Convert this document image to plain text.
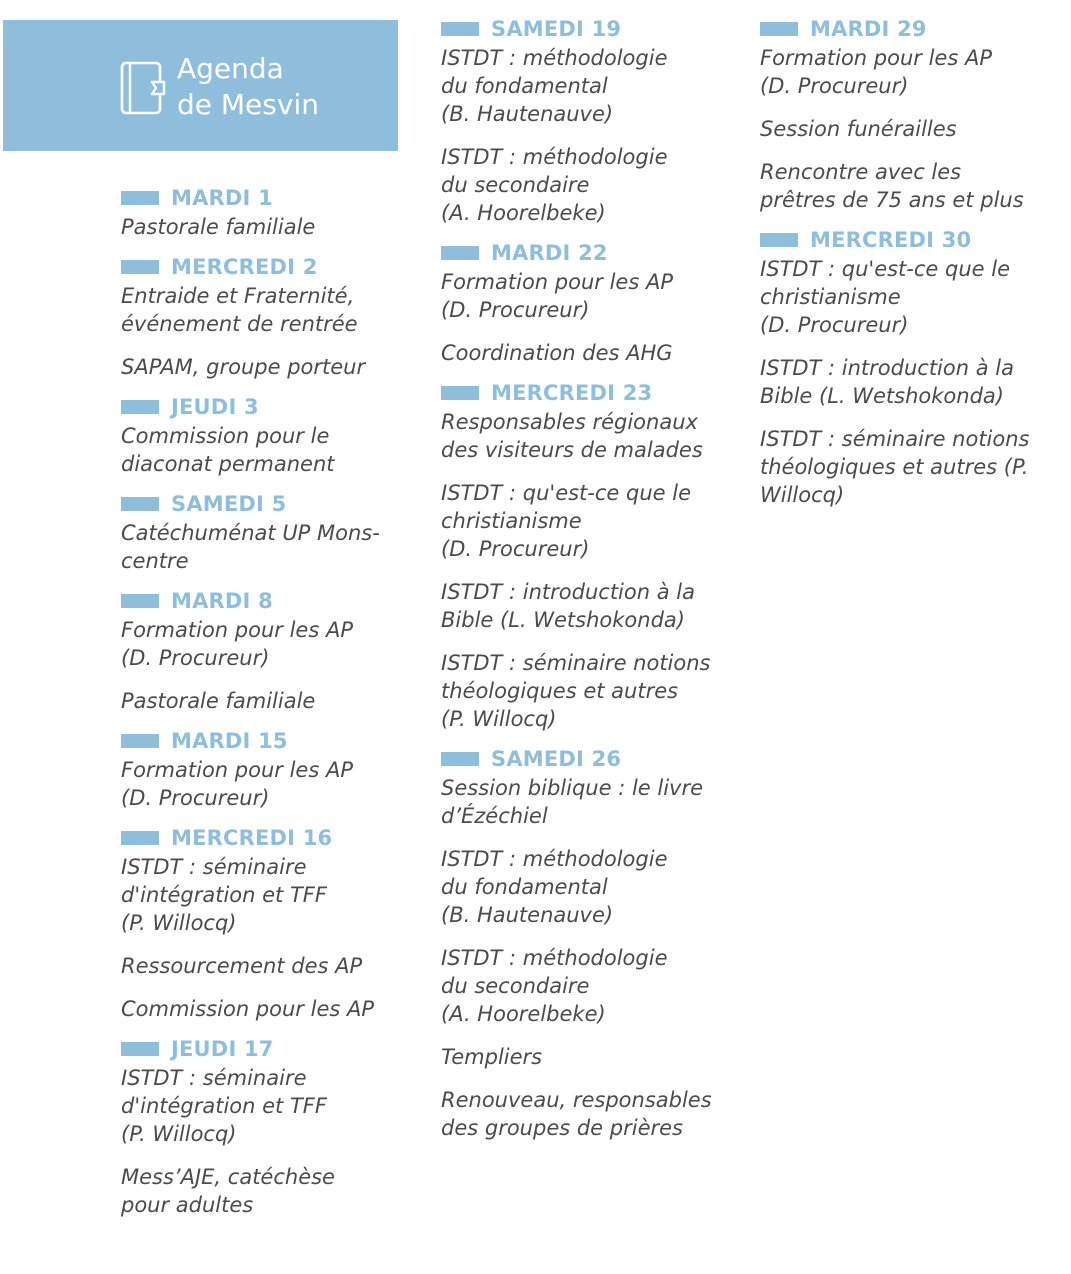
Agenda
de Mesvin
MARDI 1
Pastorale familiale
MERCREDI 2
Entraide et Fraternité,
événement de rentrée
SAPAM, groupe porteur
JEUDI 3
Commission pour le
diaconat permanent
SAMEDI 5
Catéchuménat UP Mons-
centre
MARDI 8
Formation pour les AP
(D. Procureur)
Pastorale familiale
MARDI 15
Formation pour les AP
(D. Procureur)
MERCREDI 16
ISTDT : séminaire
d'intégration et TFF
(P. Willocq)
Ressourcement des AP
Commission pour les AP
JEUDI 17
ISTDT : séminaire
d'intégration et TFF
(P. Willocq)
Mess’AJE, catéchèse
pour adultes
SAMEDI 19
ISTDT : méthodologie
du fondamental
(B. Hautenauve)
ISTDT : méthodologie
du secondaire
(A. Hoorelbeke)
MARDI 22
Formation pour les AP
(D. Procureur)
Coordination des AHG
MERCREDI 23
Responsables régionaux
des visiteurs de malades
ISTDT : qu'est-ce que le
christianisme
(D. Procureur)
ISTDT : introduction à la
Bible (L. Wetshokonda)
ISTDT : séminaire notions
théologiques et autres
(P. Willocq)
SAMEDI 26
Session biblique : le livre
d’Ézéchiel
ISTDT : méthodologie
du fondamental
(B. Hautenauve)
ISTDT : méthodologie
du secondaire
(A. Hoorelbeke)
Templiers
Renouveau, responsables
des groupes de prières
MARDI 29
Formation pour les AP
(D. Procureur)
Session funérailles
Rencontre avec les
prêtres de 75 ans et plus
MERCREDI 30
ISTDT : qu'est-ce que le
christianisme
(D. Procureur)
ISTDT : introduction à la
Bible (L. Wetshokonda)
ISTDT : séminaire notions
théologiques et autres (P.
Willocq)
